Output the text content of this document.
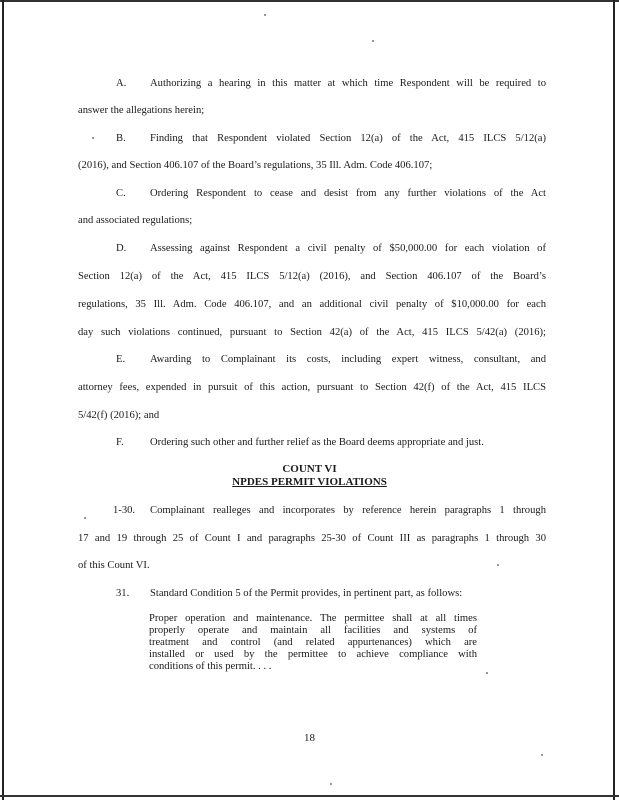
A. Authorizing a hearing in this matter at which time Respondent will be required to
answer the allegations herein;
B. Finding that Respondent violated Section 12(a) of the Act, 415 ILCS 5/12(a)
(2016), and Section 406.107 of the Board’s regulations, 35 Ill. Adm. Code 406.107;
C. Ordering Respondent to cease and desist from any further violations of the Act
and associated regulations;
D. Assessing against Respondent a civil penalty of $50,000.00 for each violation of
Section 12(a) of the Act, 415 ILCS 5/12(a) (2016), and Section 406.107 of the Board’s
regulations, 35 Ill. Adm. Code 406.107, and an additional civil penalty of $10,000.00 for each
day such violations continued, pursuant to Section 42(a) of the Act, 415 ILCS 5/42(a) (2016);
E. Awarding to Complainant its costs, including expert witness, consultant, and
attorney fees, expended in pursuit of this action, pursuant to Section 42(f) of the Act, 415 ILCS
5/42(f) (2016); and
F. Ordering such other and further relief as the Board deems appropriate and just.
COUNT VI
NPDES PERMIT VIOLATIONS
1-30. Complainant realleges and incorporates by reference herein paragraphs 1 through
17 and 19 through 25 of Count I and paragraphs 25-30 of Count III as paragraphs 1 through 30
of this Count VI.
31. Standard Condition 5 of the Permit provides, in pertinent part, as follows:
Proper operation and maintenance. The permittee shall at all times
properly operate and maintain all facilities and systems of
treatment and control (and related appurtenances) which are
installed or used by the permittee to achieve compliance with
conditions of this permit. . . .
18
